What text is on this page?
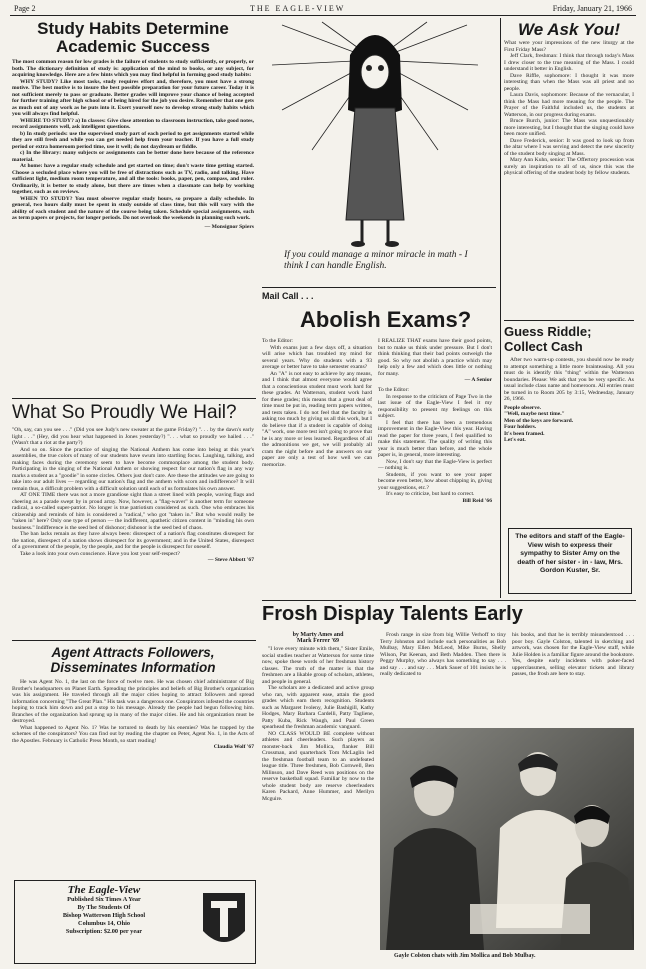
Page 2	THE EAGLE-VIEW	Friday, January 21, 1966
Study Habits Determine Academic Success

The most common reason for low grades is the failure of students to study sufficiently, or properly, or both. The dictionary definition of study is: application of the mind to books, or any subject, for acquiring knowledge. Here are a few hints which you may find helpful in forming good study habits:

WHY STUDY? Like most tasks, study requires effort and, therefore, you must have a strong motive. The best motive is to insure the best possible preparation for your future career. Today it is not sufficient merely to pass or graduate. Better grades will improve your chance of being accepted for further training after high school or of being hired for the job you desire. Remember that one gets as much out of any work as he puts into it. Exert yourself now to develop strong study habits which you will always find helpful.

WHERE TO STUDY? a) In classes: Give close attention to classroom instruction, take good notes, record assignments well, ask intelligent questions.

b) In study periods: use the supervised study part of each period to get assignments started while they are still fresh and while you can get needed help from your teacher. If you have a full study period or extra homeroom period time, use it well; do not daydream or fiddle.

c) In the library: many subjects or assignments can be better done here because of the reference material.

At home: have a regular study schedule and get started on time; don't waste time getting started. Choose a secluded place where you will be free of distractions such as TV, radio, and talking. Have sufficient light, medium room temperature, and all the tools: books, paper, pen, compass, and ruler. Ordinarily, it is better to study alone, but there are times when a classmate can help by working together, such as on reviews.

WHEN TO STUDY? You must observe regular study hours, so prepare a daily schedule. In general, two hours daily must be spent in study outside of class time, but this will vary with the ability of each student and the nature of the course being taken. Schedule special assignments, such as term papers or projects, for longer periods. Do not overlook the weekends in planning such work.

— Monsignor Spiers
What So Proudly We Hail?

"Oh, say, can you see . . ." (Did you see Judy's new sweater at the game Friday?) ". . . by the dawn's early light . . ." (Hey, did you hear what happened in Jones yesterday?) ". . . what so proudly we hailed . . ." (Wasn't that a riot at the party?)

And so on. Since the practice of singing the National Anthem has come into being at this year's assemblies, the true colors of many of our students have swum into startling focus. Laughing, talking, and making faces during the ceremony seem to have become commonplace among the student body. Participating in the singing of the National Anthem or showing respect for our nation's flag in any way marks a student as a "goodie" in some circles. Others just don't care. Are these the attitudes we are going to take into our adult lives — regarding our nation's flag and the anthem with scorn and indifference? It will remain thus, a difficult problem with a difficult solution until each of us formulates his own answer.

AT ONE TIME there was not a more grandiose sight than a street lined with people, waving flags and cheering as a parade swept by in proud array. Now, however, a "flag-waver" is another term for someone radical, a so-called super-patriot. No longer is true patriotism considered as such. One who embraces his citizenship and reminds of him is considered a "radical," who got "taken in." But who would really be "taken in" here? Only one type of person — the indifferent, apathetic citizen content in "minding his own business." Indifference is the seed bed of dishonor; dishonor is the seed bed of chaos.

The ban lacks remain as they have always been: disrespect of a nation's flag constitutes disrespect for the nation, disrespect of a nation shows disrespect for its government; and in the United States, disrespect of a government of the people, by the people, and for the people is disrespect for oneself.

Take a look into your own conscience. Have you lost your self-respect?

— Steve Abbott '67
Agent Attracts Followers, Disseminates Information

He was Agent No. 1, the last on the force of twelve men. He was chosen chief administrator of Big Brother's headquarters on Planet Earth. Spreading the principles and beliefs of Big Brother's organization was his assignment. He traveled through all the major cities hoping to attract followers and spread information concerning "The Great Plan." His task was a dangerous one. Conspirators infested the countries hoping to track him down and put a stop to his message. Already the people had begun following him. Branches of the organization had sprung up in many of the major cities. He and his organization must be destroyed.

What happened to Agent No. 1? Was he tortured to death by his enemies? Was he trapped by the schemes of the conspirators? You can find out by reading the chapter on Peter, Agent No. 1, in the Acts of the Apostles. February is Catholic Press Month, so start reading!

Claudia Wolf '67
The Eagle-View
Published Six Times A Year
By The Students Of
Bishop Watterson High School
Columbus 14, Ohio
Subscription: $2.00 per year
If you could manage a minor miracle in math - I think I can handle English.
Mail Call . . .
Abolish Exams?

To the Editor:

With exams just a few days off, a situation will arise which has troubled my mind for several years. Why do students with a 93 average or better have to take semester exams?

An "A" is not easy to achieve by any means, and I think that almost everyone would agree that a conscientious student must work hard for these grades. At Watterson, student work hard for these grades; this means that a great deal of time must be put in, reading term papers written, and tests taken. I do not feel that the faculty is asking too much by giving us all this work, but I do believe that if a student is capable of doing "A" work, one more test isn't going to prove that he is any more or less learned. Regardless of all the admonitions we get, we will probably all cram the night before and the answers on our paper are only a test of how well we can memorize.

I REALIZE THAT exams have their good points, but to make us think under pressure. But I don't think thinking that their bad points outweigh the good. So why not abolish a practice which may help only a few and which does little or nothing for many.

— A Senior

To the Editor:

In response to the criticism of Page Two in the last issue of the Eagle-View I feel it my responsibility to present my feelings on this subject.

I feel that there has been a tremendous improvement in the Eagle-View this year. Having read the paper for three years, I feel qualified to make this statement. The quality of writing this year is much better than before, and the whole paper is, in general, more interesting.

Now, I don't say that the Eagle-View is perfect — nothing is.

Students, if you want to see your paper become even better, how about chipping in, giving your suggestions, etc.?

It's easy to criticize, but hard to correct.

Bill Reid '66
We Ask You!

What were your impressions of the new liturgy at the First Friday Mass?

Jeff Clark, freshman: I think that through today's Mass I drew closer to the true meaning of the Mass. I could understand it better in English.

Dave Riffle, sophomore: I thought it was more interesting than when the Mass was all priest and no people.

Laura Davis, sophomore: Because of the vernacular, I think the Mass had more meaning for the people. The Prayer of the Faithful included us, the students at Watterson, in our progress during exams.

Bruce Burch, junior: The Mass was unquestionably more interesting, but I thought that the singing could have been more unified.

Dave Frederick, senior: It was good to look up from the altar where I was serving and detect the new sincerity of the student body singing at Mass.

Mary Ann Kuhn, senior: The Offertory procession was surely an inspiration to all of us, since this was the physical offering of the student body by fellow students.

Guess Riddle; Collect Cash

After two warm-up contests, you should now be ready to attempt something a little more brainteasing. All you must do is identify this "thing" within the Watterson boundaries. Please: We ask that you be very specific. As usual include class name and homeroom. All entries must be turned in to Room 205 by 3:15, Wednesday, January 26, 1966.

People observe.
"Well, maybe next time."
Men of the keys are forward.
Four holders.
It's been framed.
Let's eat.
The editors and staff of the Eagle-View wish to express their sympathy to Sister Amy on the death of her sister - in - law, Mrs. Gordon Kuster, Sr.
Frosh Display Talents Early
by Marty Ames and
Mark Ferrer '69

"I love every minute with them," Sister Emile, social studies teacher at Watterson for some time now, spoke these words of her freshman history classes. The truth of the matter is that the freshmen are a likable group of scholars, athletes, and people in general.

The scholars are a dedicated and active group who ran, with apparent ease, attain the good grades which earn them recognition. Students such as Margaret Ivoleny, Julie Bashigill, Kathy Hodges, Mary Barbara Cardelli, Patty Tagliene, Patty Kuba, Rick Waugh, and Paul Green spearhead the freshman academic vanguard.

NO CLASS WOULD BE complete without athletes and cheerleaders. Such players as monster-back Jim Mollica, flanker Bill Crossman, and quarterback Tom McLaglin led the freshman football team to an undefeated league title. Three freshmen, Bob Cornwell, Ben Milinson, and Dave Reed won positions on the reserve basketball squad. Familiar by now to the whole student body are reserve cheerleaders Karen Packard, Anne Hummer, and Merilyn Mcguire.

Frosh range in size from big Willie Verhoff to tiny Terry Johnston and include such personalities as Bob Mulbay, Mary Ellen McLeod, Mike Burns, Shelly Wilson, Pat Keenan, and Beth Madden. Then there is Peggy Murphy, who always has something to say . . . and say . . . and say . . . Mark Sauer of 101 insists he is really dedicated to

his books, and that he is terribly misunderstood . . . poor boy. Gayle Colston, talented in sketching and artwork, was chosen for the Eagle-View staff, while Julie Holden is a familiar figure around the bookstore. Yes, despite early incidents with poker-faced upperclassmen, selling elevator tickets and library passes, the frosh are here to stay.

Gayle Colston chats with Jim Mollica and Bob Mulbay.
